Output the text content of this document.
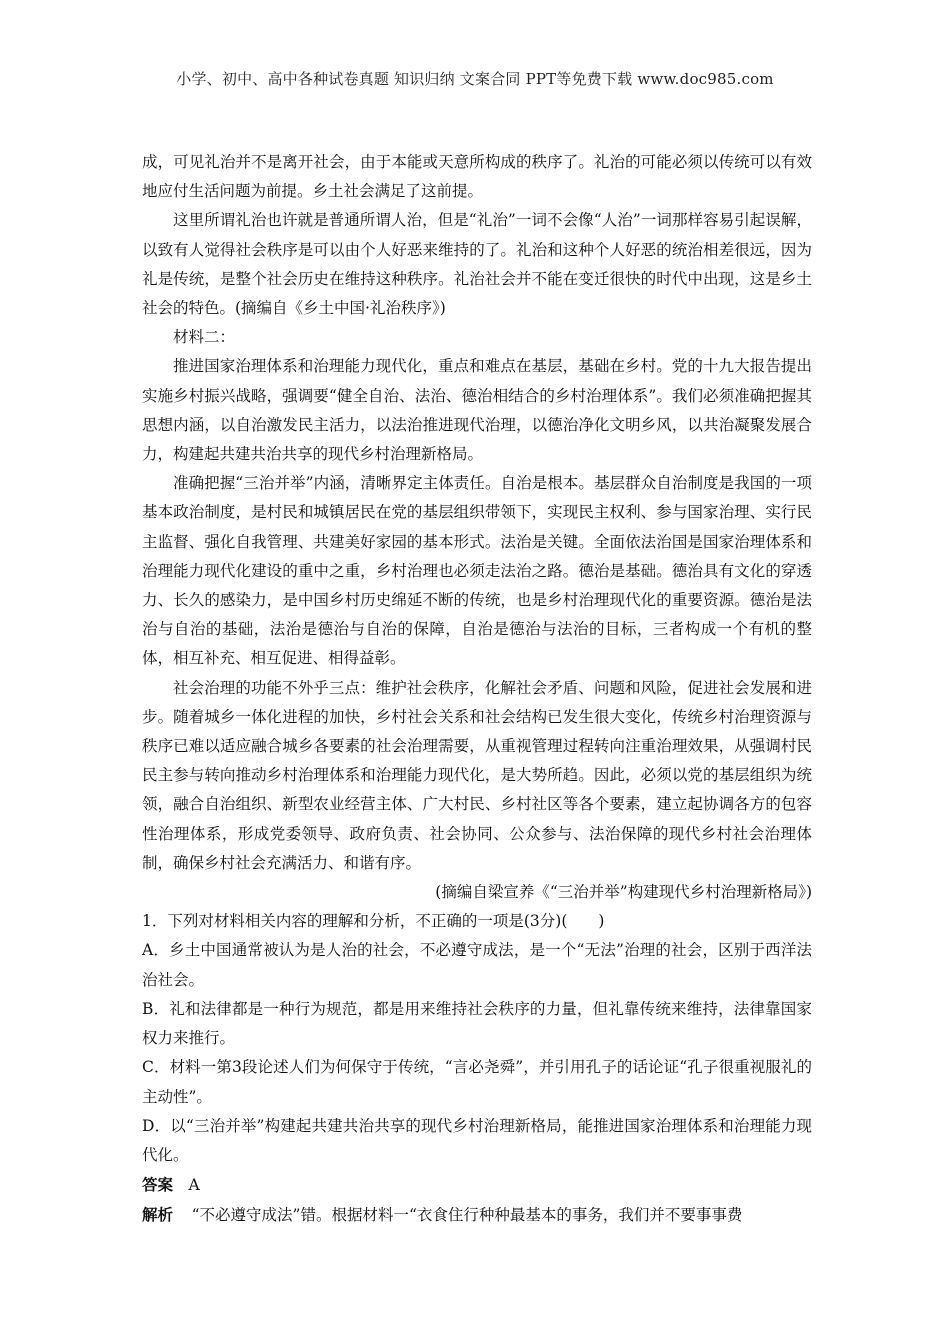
小学、初中、高中各种试卷真题 知识归纳 文案合同 PPT等免费下载 www.doc985.com

成，可见礼治并不是离开社会，由于本能或天意所构成的秩序了。礼治的可能必须以传统可以有效地应付生活问题为前提。乡土社会满足了这前提。

这里所谓礼治也许就是普通所谓人治，但是“礼治”一词不会像“人治”一词那样容易引起误解，以致有人觉得社会秩序是可以由个人好恶来维持的了。礼治和这种个人好恶的统治相差很远，因为礼是传统，是整个社会历史在维持这种秩序。礼治社会并不能在变迁很快的时代中出现，这是乡土社会的特色。(摘编自《乡土中国·礼治秩序》)

材料二：

推进国家治理体系和治理能力现代化，重点和难点在基层，基础在乡村。党的十九大报告提出实施乡村振兴战略，强调要“健全自治、法治、德治相结合的乡村治理体系”。我们必须准确把握其思想内涵，以自治激发民主活力，以法治推进现代治理，以德治净化文明乡风，以共治凝聚发展合力，构建起共建共治共享的现代乡村治理新格局。

准确把握“三治并举”内涵，清晰界定主体责任。自治是根本。基层群众自治制度是我国的一项基本政治制度，是村民和城镇居民在党的基层组织带领下，实现民主权利、参与国家治理、实行民主监督、强化自我管理、共建美好家园的基本形式。法治是关键。全面依法治国是国家治理体系和治理能力现代化建设的重中之重，乡村治理也必须走法治之路。德治是基础。德治具有文化的穿透力、长久的感染力，是中国乡村历史绵延不断的传统，也是乡村治理现代化的重要资源。德治是法治与自治的基础，法治是德治与自治的保障，自治是德治与法治的目标，三者构成一个有机的整体，相互补充、相互促进、相得益彰。

社会治理的功能不外乎三点：维护社会秩序，化解社会矛盾、问题和风险，促进社会发展和进步。随着城乡一体化进程的加快，乡村社会关系和社会结构已发生很大变化，传统乡村治理资源与秩序已难以适应融合城乡各要素的社会治理需要，从重视管理过程转向注重治理效果，从强调村民民主参与转向推动乡村治理体系和治理能力现代化，是大势所趋。因此，必须以党的基层组织为统领，融合自治组织、新型农业经营主体、广大村民、乡村社区等各个要素，建立起协调各方的包容性治理体系，形成党委领导、政府负责、社会协同、公众参与、法治保障的现代乡村社会治理体制，确保乡村社会充满活力、和谐有序。

(摘编自梁宣养《“三治并举”构建现代乡村治理新格局》)

1．下列对材料相关内容的理解和分析，不正确的一项是(3分)(　　)

A．乡土中国通常被认为是人治的社会，不必遵守成法，是一个“无法”治理的社会，区别于西洋法治社会。

B．礼和法律都是一种行为规范，都是用来维持社会秩序的力量，但礼靠传统来维持，法律靠国家权力来推行。

C．材料一第3段论述人们为何保守于传统，“言必尧舜”，并引用孔子的话论证“孔子很重视服礼的主动性”。

D．以“三治并举”构建起共建共治共享的现代乡村治理新格局，能推进国家治理体系和治理能力现代化。

答案 A

解析 “不必遵守成法”错。根据材料一“衣食住行种种最基本的事务，我们并不要事事费
